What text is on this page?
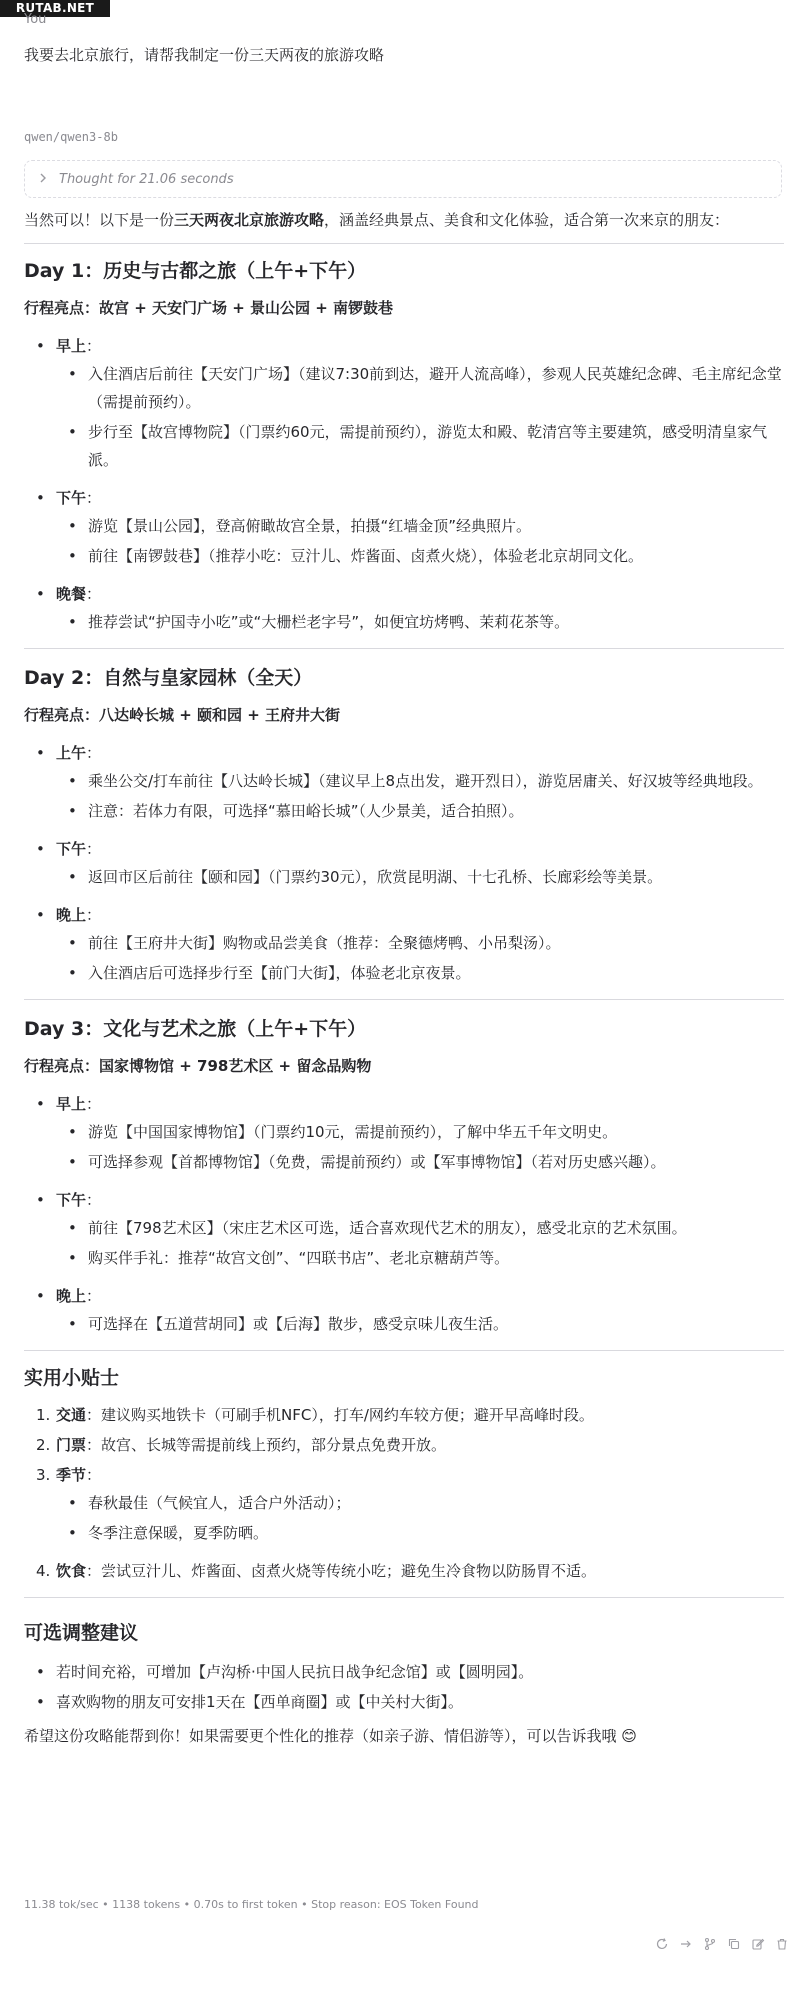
RUTAB.NET
You
我要去北京旅行，请帮我制定一份三天两夜的旅游攻略
qwen/qwen3-8b
Thought for 21.06 seconds

当然可以！以下是一份三天两夜北京旅游攻略，涵盖经典景点、美食和文化体验，适合第一次来京的朋友：

Day 1：历史与古都之旅（上午+下午）

行程亮点：故宫 + 天安门广场 + 景山公园 + 南锣鼓巷

• 早上：
• 入住酒店后前往【天安门广场】（建议7:30前到达，避开人流高峰），参观人民英雄纪念碑、毛主席纪念堂（需提前预约）。
• 步行至【故宫博物院】（门票约60元，需提前预约），游览太和殿、乾清宫等主要建筑，感受明清皇家气派。
• 下午：
• 游览【景山公园】，登高俯瞰故宫全景，拍摄“红墙金顶”经典照片。
• 前往【南锣鼓巷】（推荐小吃：豆汁儿、炸酱面、卤煮火烧），体验老北京胡同文化。
• 晚餐：
• 推荐尝试“护国寺小吃”或“大栅栏老字号”，如便宜坊烤鸭、茉莉花茶等。
Day 2：自然与皇家园林（全天）

行程亮点：八达岭长城 + 颐和园 + 王府井大街

• 上午：
• 乘坐公交/打车前往【八达岭长城】（建议早上8点出发，避开烈日），游览居庸关、好汉坡等经典地段。
• 注意：若体力有限，可选择“慕田峪长城”（人少景美，适合拍照）。
• 下午：
• 返回市区后前往【颐和园】（门票约30元），欣赏昆明湖、十七孔桥、长廊彩绘等美景。
• 晚上：
• 前往【王府井大街】购物或品尝美食（推荐：全聚德烤鸭、小吊梨汤）。
• 入住酒店后可选择步行至【前门大街】，体验老北京夜景。
Day 3：文化与艺术之旅（上午+下午）

行程亮点：国家博物馆 + 798艺术区 + 留念品购物

• 早上：
• 游览【中国国家博物馆】（门票约10元，需提前预约），了解中华五千年文明史。
• 可选择参观【首都博物馆】（免费，需提前预约）或【军事博物馆】（若对历史感兴趣）。
• 下午：
• 前往【798艺术区】（宋庄艺术区可选，适合喜欢现代艺术的朋友），感受北京的艺术氛围。
• 购买伴手礼：推荐“故宫文创”、“四联书店”、老北京糖葫芦等。
• 晚上：
• 可选择在【五道营胡同】或【后海】散步，感受京味儿夜生活。
实用小贴士
1. 交通：建议购买地铁卡（可刷手机NFC），打车/网约车较方便；避开早高峰时段。
2. 门票：故宫、长城等需提前线上预约，部分景点免费开放。
3. 季节：
• 春秋最佳（气候宜人，适合户外活动）；
• 冬季注意保暖，夏季防晒。
4. 饮食：尝试豆汁儿、炸酱面、卤煮火烧等传统小吃；避免生冷食物以防肠胃不适。
可选调整建议
• 若时间充裕，可增加【卢沟桥·中国人民抗日战争纪念馆】或【圆明园】。
• 喜欢购物的朋友可安排1天在【西单商圈】或【中关村大街】。

希望这份攻略能帮到你！如果需要更个性化的推荐（如亲子游、情侣游等），可以告诉我哦 😊

11.38 tok/sec • 1138 tokens • 0.70s to first token • Stop reason: EOS Token Found
